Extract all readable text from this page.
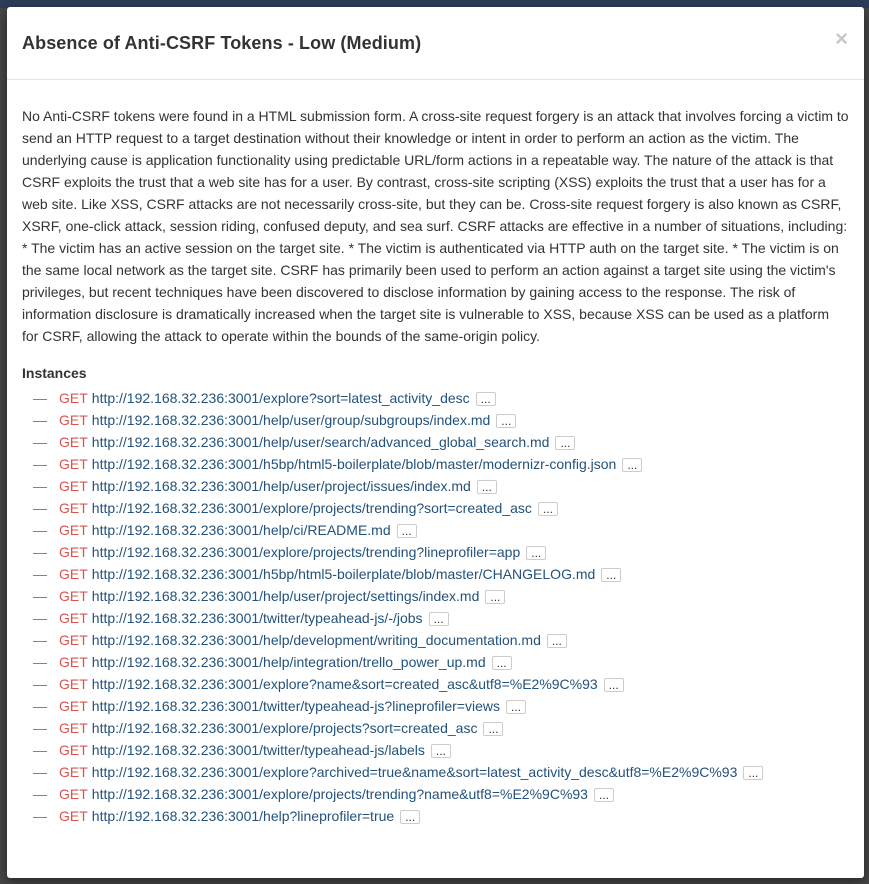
Absence of Anti-CSRF Tokens - Low (Medium)	×

No Anti-CSRF tokens were found in a HTML submission form. A cross-site request forgery is an attack that involves forcing a victim to send an HTTP request to a target destination without their knowledge or intent in order to perform an action as the victim. The underlying cause is application functionality using predictable URL/form actions in a repeatable way. The nature of the attack is that CSRF exploits the trust that a web site has for a user. By contrast, cross-site scripting (XSS) exploits the trust that a user has for a web site. Like XSS, CSRF attacks are not necessarily cross-site, but they can be. Cross-site request forgery is also known as CSRF, XSRF, one-click attack, session riding, confused deputy, and sea surf. CSRF attacks are effective in a number of situations, including: * The victim has an active session on the target site. * The victim is authenticated via HTTP auth on the target site. * The victim is on the same local network as the target site. CSRF has primarily been used to perform an action against a target site using the victim's privileges, but recent techniques have been discovered to disclose information by gaining access to the response. The risk of information disclosure is dramatically increased when the target site is vulnerable to XSS, because XSS can be used as a platform for CSRF, allowing the attack to operate within the bounds of the same-origin policy.

Instances
— GET http://192.168.32.236:3001/explore?sort=latest_activity_desc ...
— GET http://192.168.32.236:3001/help/user/group/subgroups/index.md ...
— GET http://192.168.32.236:3001/help/user/search/advanced_global_search.md ...
— GET http://192.168.32.236:3001/h5bp/html5-boilerplate/blob/master/modernizr-config.json ...
— GET http://192.168.32.236:3001/help/user/project/issues/index.md ...
— GET http://192.168.32.236:3001/explore/projects/trending?sort=created_asc ...
— GET http://192.168.32.236:3001/help/ci/README.md ...
— GET http://192.168.32.236:3001/explore/projects/trending?lineprofiler=app ...
— GET http://192.168.32.236:3001/h5bp/html5-boilerplate/blob/master/CHANGELOG.md ...
— GET http://192.168.32.236:3001/help/user/project/settings/index.md ...
— GET http://192.168.32.236:3001/twitter/typeahead-js/-/jobs ...
— GET http://192.168.32.236:3001/help/development/writing_documentation.md ...
— GET http://192.168.32.236:3001/help/integration/trello_power_up.md ...
— GET http://192.168.32.236:3001/explore?name&sort=created_asc&utf8=%E2%9C%93 ...
— GET http://192.168.32.236:3001/twitter/typeahead-js?lineprofiler=views ...
— GET http://192.168.32.236:3001/explore/projects?sort=created_asc ...
— GET http://192.168.32.236:3001/twitter/typeahead-js/labels ...
— GET http://192.168.32.236:3001/explore?archived=true&name&sort=latest_activity_desc&utf8=%E2%9C%93 ...
— GET http://192.168.32.236:3001/explore/projects/trending?name&utf8=%E2%9C%93 ...
— GET http://192.168.32.236:3001/help?lineprofiler=true ...
